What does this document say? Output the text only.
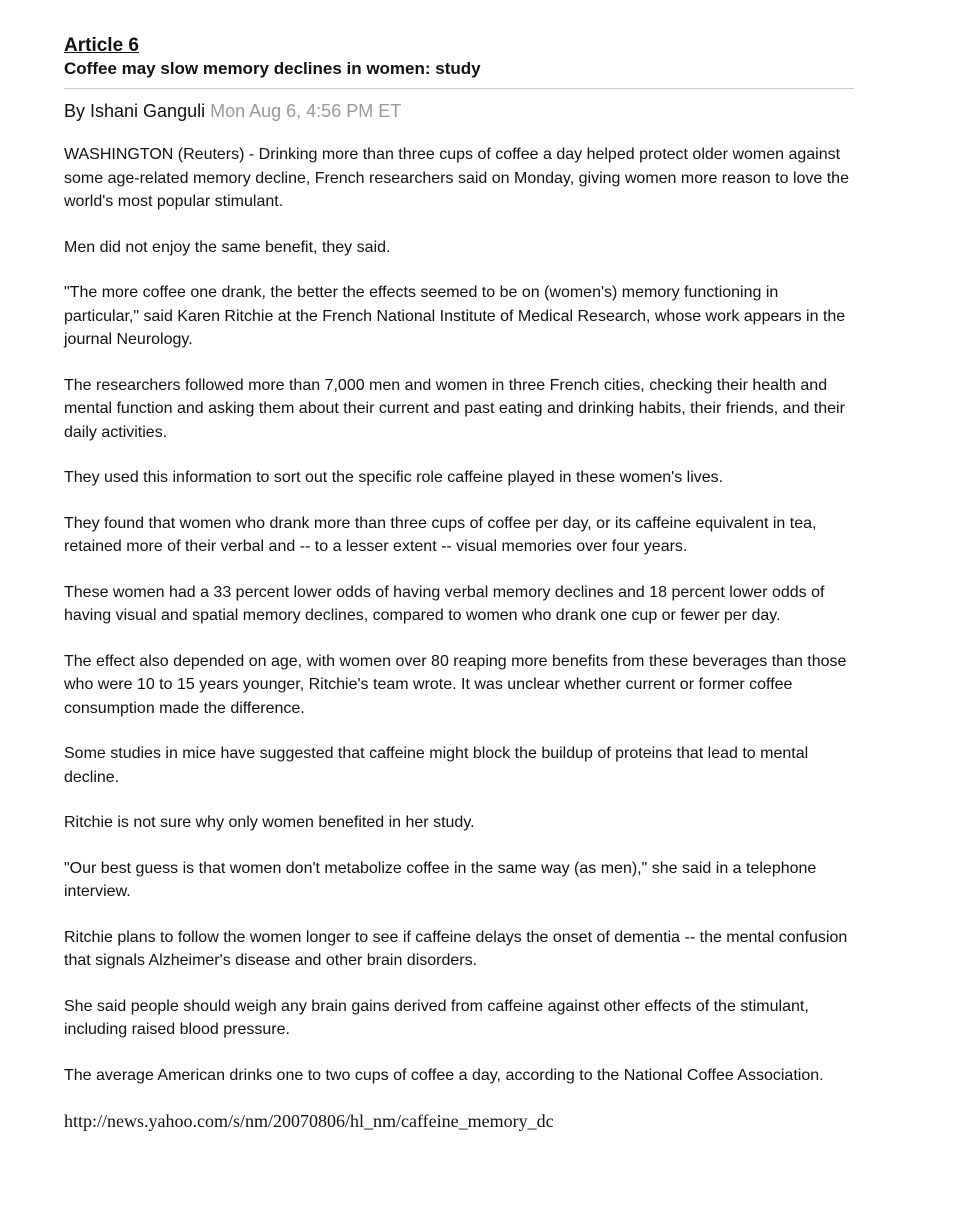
Article 6
Coffee may slow memory declines in women: study
By Ishani Ganguli Mon Aug 6, 4:56 PM ET

WASHINGTON (Reuters) - Drinking more than three cups of coffee a day helped protect older women against some age-related memory decline, French researchers said on Monday, giving women more reason to love the world's most popular stimulant.

Men did not enjoy the same benefit, they said.

"The more coffee one drank, the better the effects seemed to be on (women's) memory functioning in particular," said Karen Ritchie at the French National Institute of Medical Research, whose work appears in the journal Neurology.

The researchers followed more than 7,000 men and women in three French cities, checking their health and mental function and asking them about their current and past eating and drinking habits, their friends, and their daily activities.

They used this information to sort out the specific role caffeine played in these women's lives.

They found that women who drank more than three cups of coffee per day, or its caffeine equivalent in tea, retained more of their verbal and -- to a lesser extent -- visual memories over four years.

These women had a 33 percent lower odds of having verbal memory declines and 18 percent lower odds of having visual and spatial memory declines, compared to women who drank one cup or fewer per day.

The effect also depended on age, with women over 80 reaping more benefits from these beverages than those who were 10 to 15 years younger, Ritchie's team wrote. It was unclear whether current or former coffee consumption made the difference.

Some studies in mice have suggested that caffeine might block the buildup of proteins that lead to mental decline.

Ritchie is not sure why only women benefited in her study.

"Our best guess is that women don't metabolize coffee in the same way (as men)," she said in a telephone interview.

Ritchie plans to follow the women longer to see if caffeine delays the onset of dementia -- the mental confusion that signals Alzheimer's disease and other brain disorders.

She said people should weigh any brain gains derived from caffeine against other effects of the stimulant, including raised blood pressure.

The average American drinks one to two cups of coffee a day, according to the National Coffee Association.

http://news.yahoo.com/s/nm/20070806/hl_nm/caffeine_memory_dc
